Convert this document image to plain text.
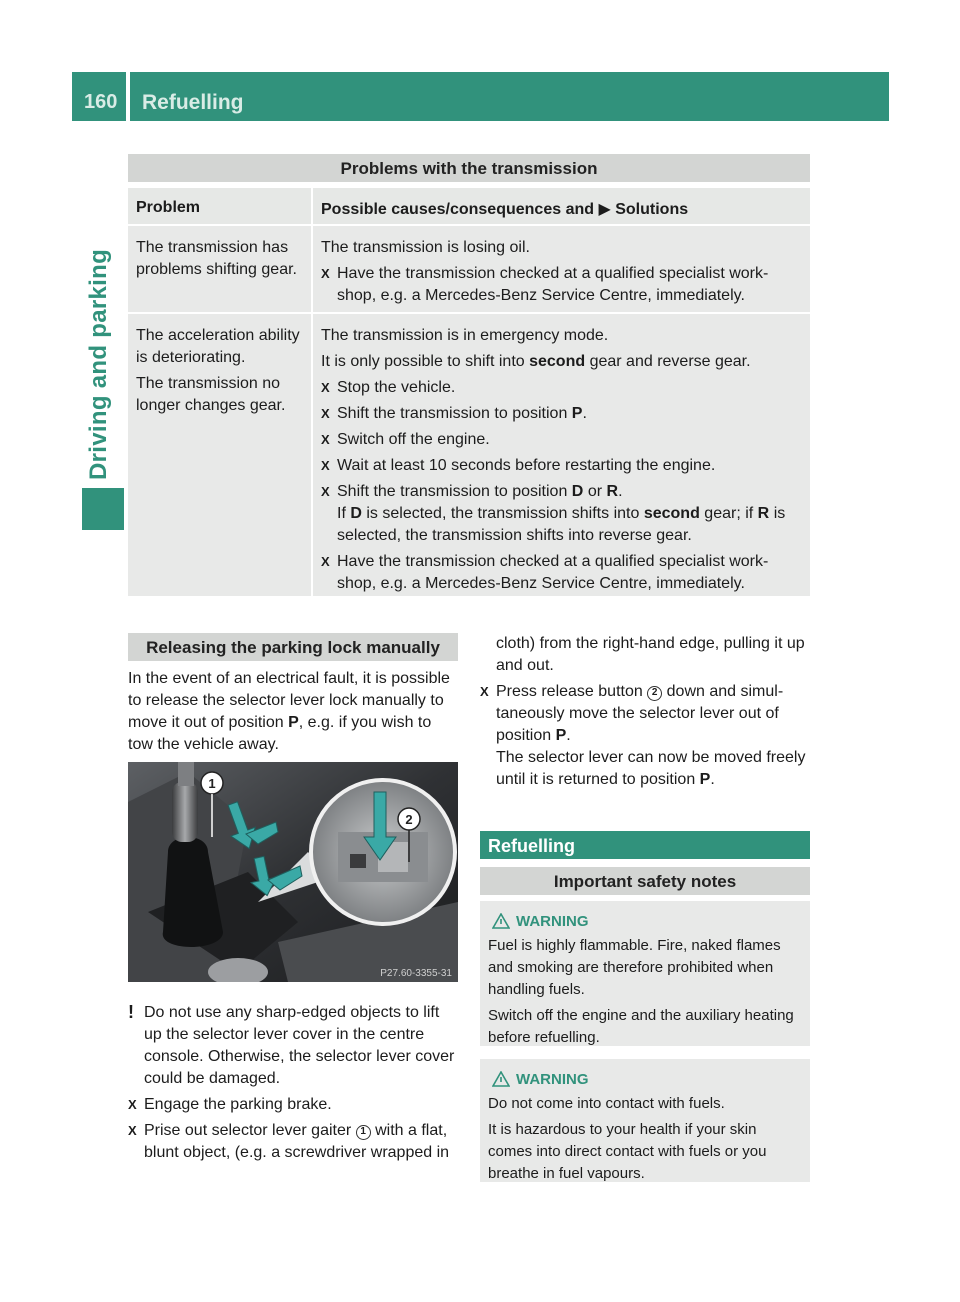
160 Refuelling
Driving and parking
Problems with the transmission
Problem	Possible causes/consequences and ▶ Solutions
The transmission has problems shifting gear.
The transmission is losing oil.
X Have the transmission checked at a qualified specialist work-shop, e.g. a Mercedes-Benz Service Centre, immediately.
The acceleration ability is deteriorating.
The transmission no longer changes gear.
The transmission is in emergency mode.
It is only possible to shift into second gear and reverse gear.
X Stop the vehicle.
X Shift the transmission to position P.
X Switch off the engine.
X Wait at least 10 seconds before restarting the engine.
X Shift the transmission to position D or R.
If D is selected, the transmission shifts into second gear; if R is selected, the transmission shifts into reverse gear.
X Have the transmission checked at a qualified specialist work-shop, e.g. a Mercedes-Benz Service Centre, immediately.
Releasing the parking lock manually
In the event of an electrical fault, it is possible to release the selector lever lock manually to move it out of position P, e.g. if you wish to tow the vehicle away.
1
2
P27.60-3355-31
! Do not use any sharp-edged objects to lift up the selector lever cover in the centre console. Otherwise, the selector lever cover could be damaged.
X Engage the parking brake.
X Prise out selector lever gaiter 1 with a flat, blunt object, (e.g. a screwdriver wrapped in
cloth) from the right-hand edge, pulling it up and out.
X Press release button 2 down and simul-taneously move the selector lever out of position P.
The selector lever can now be moved freely until it is returned to position P.
Refuelling
Important safety notes
WARNING

Fuel is highly flammable. Fire, naked flames and smoking are therefore prohibited when handling fuels.

Switch off the engine and the auxiliary heating before refuelling.

WARNING

Do not come into contact with fuels.

It is hazardous to your health if your skin comes into direct contact with fuels or you breathe in fuel vapours.
